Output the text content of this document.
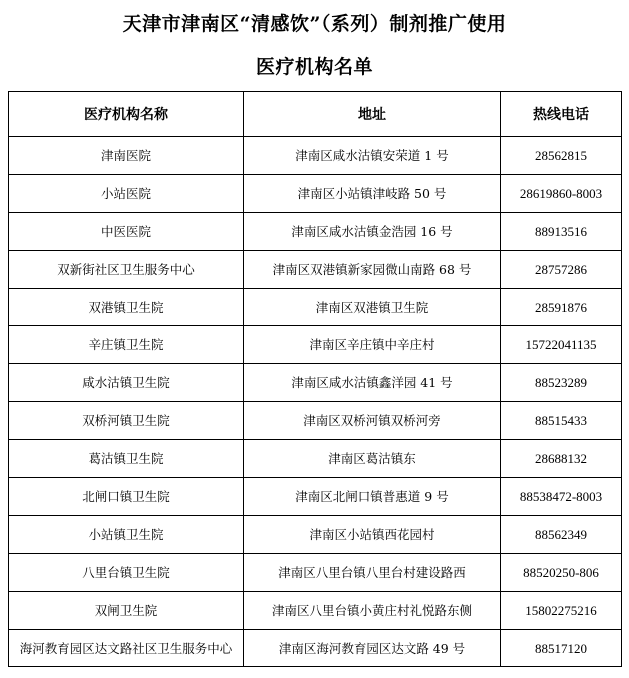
天津市津南区“清感饮”（系列）制剂推广使用
医疗机构名单
医疗机构名称	地址	热线电话
津南医院	津南区咸水沽镇安荣道 1 号	28562815
小站医院	津南区小站镇津岐路 50 号	28619860-8003
中医医院	津南区咸水沽镇金浩园 16 号	88913516
双新街社区卫生服务中心	津南区双港镇新家园微山南路 68 号	28757286
双港镇卫生院	津南区双港镇卫生院	28591876
辛庄镇卫生院	津南区辛庄镇中辛庄村	15722041135
咸水沽镇卫生院	津南区咸水沽镇鑫洋园 41 号	88523289
双桥河镇卫生院	津南区双桥河镇双桥河旁	88515433
葛沽镇卫生院	津南区葛沽镇东	28688132
北闸口镇卫生院	津南区北闸口镇普惠道 9 号	88538472-8003
小站镇卫生院	津南区小站镇西花园村	88562349
八里台镇卫生院	津南区八里台镇八里台村建设路西	88520250-806
双闸卫生院	津南区八里台镇小黄庄村礼悦路东侧	15802275216
海河教育园区达文路社区卫生服务中心	津南区海河教育园区达文路 49 号	88517120
